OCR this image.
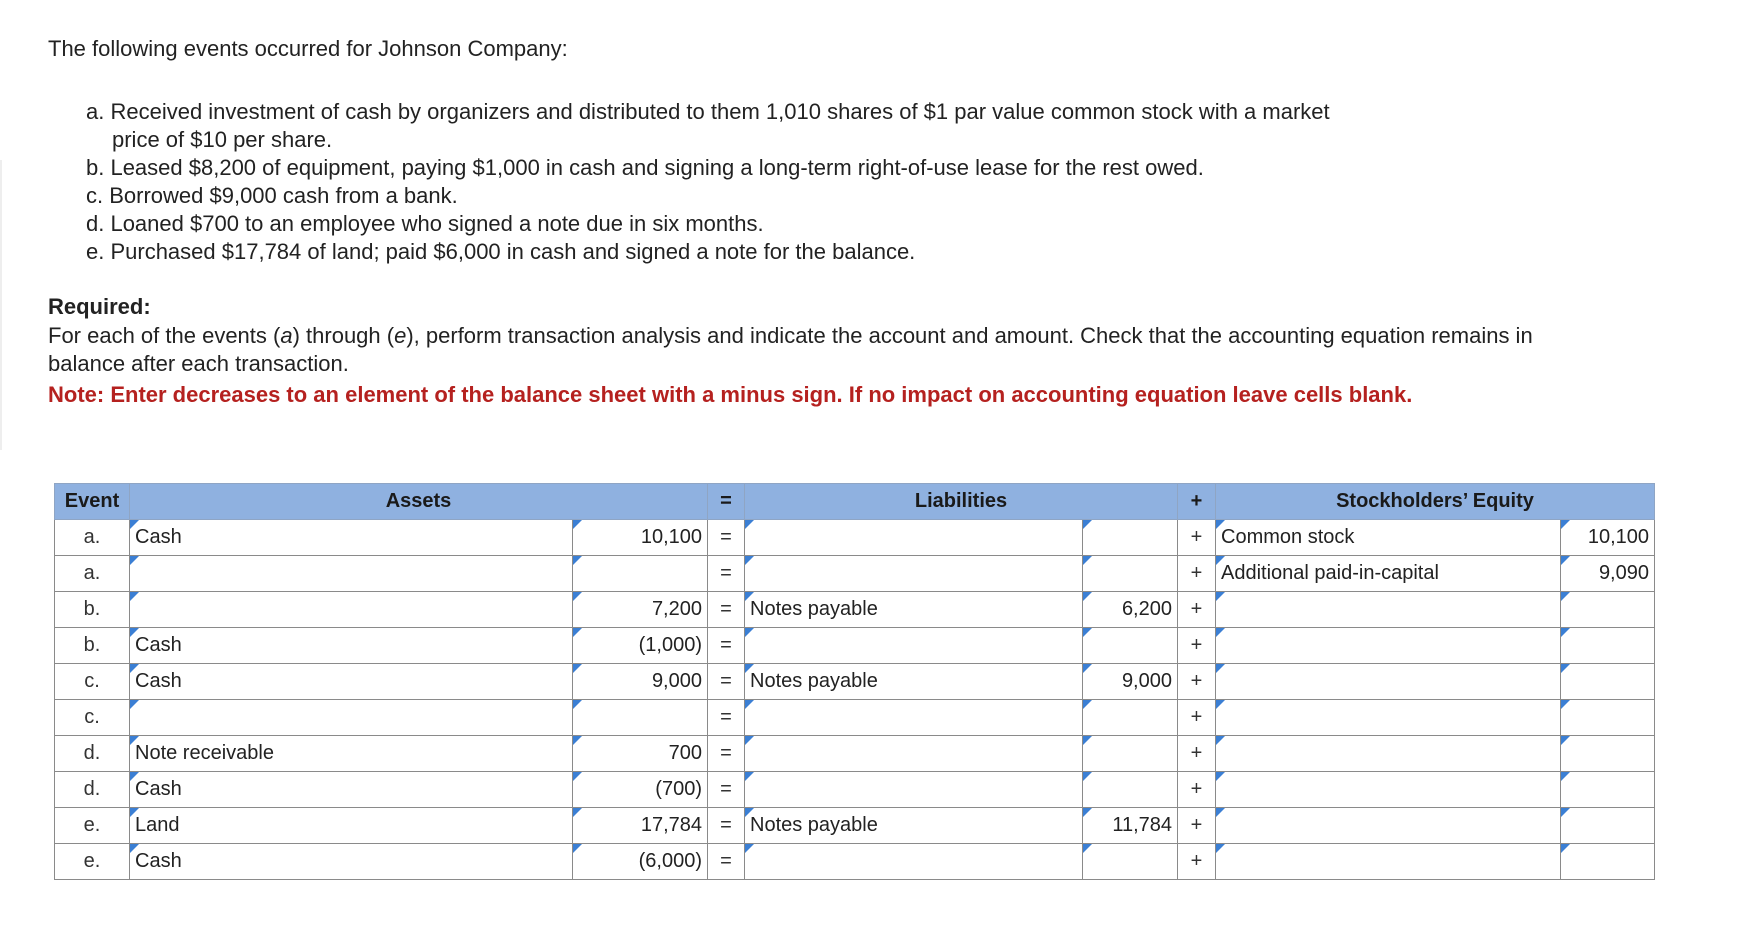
The following events occurred for Johnson Company:

a. Received investment of cash by organizers and distributed to them 1,010 shares of $1 par value common stock with a market
price of $10 per share.

b. Leased $8,200 of equipment, paying $1,000 in cash and signing a long-term right-of-use lease for the rest owed.

c. Borrowed $9,000 cash from a bank.

d. Loaned $700 to an employee who signed a note due in six months.

e. Purchased $17,784 of land; paid $6,000 in cash and signed a note for the balance.

Required:
For each of the events (a) through (e), perform transaction analysis and indicate the account and amount. Check that the accounting equation remains in balance after each transaction.
Note: Enter decreases to an element of the balance sheet with a minus sign. If no impact on accounting equation leave cells blank.
Event	Assets		=	Liabilities		+	Stockholders’ Equity	
a.	Cash	10,100	=			+	Common stock	10,100

a.			=			+	Additional paid-in-capital	9,090

b.		7,200	=	Notes payable	6,200	+	

b.	Cash	(1,000)	=			+	

c.	Cash	9,000	=	Notes payable	9,000	+	

c.			=			+	

d.	Note receivable	700	=			+	

d.	Cash	(700)	=			+	

e.	Land	17,784	=	Notes payable	11,784	+	

e.	Cash	(6,000)	=			+	
